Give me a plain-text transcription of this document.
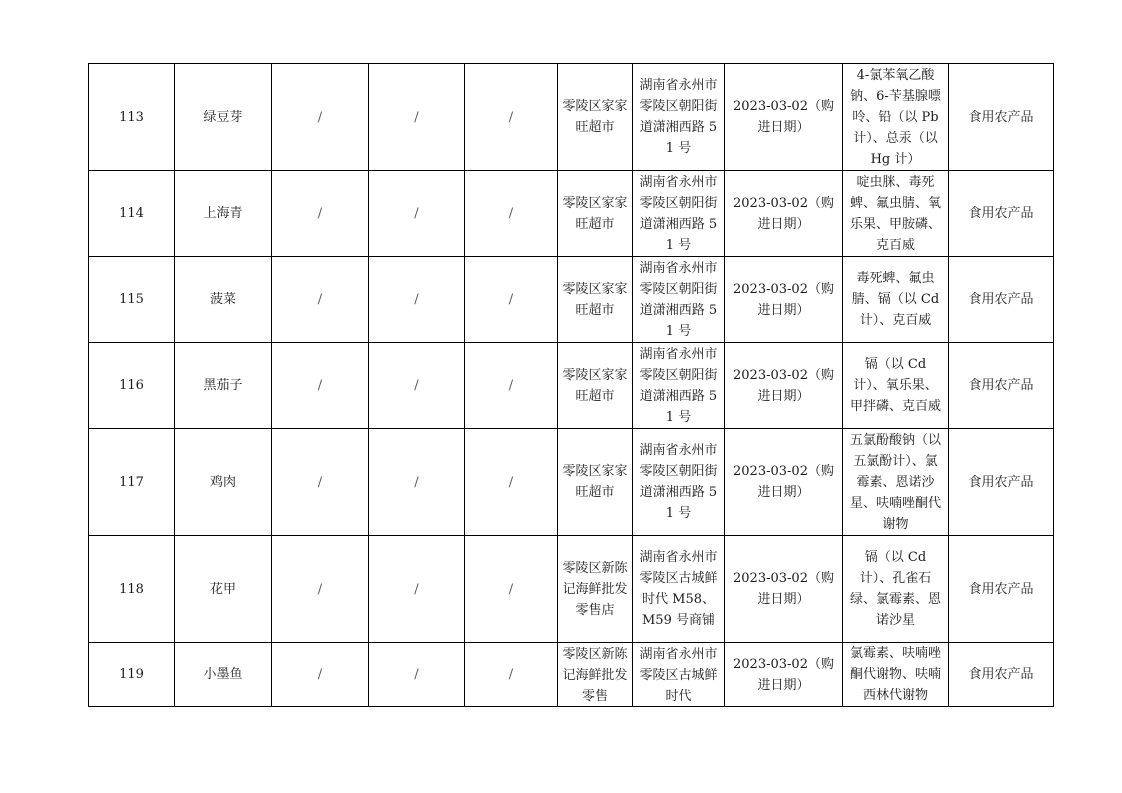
113	绿豆芽	/	/	/	零陵区家家旺超市	湖南省永州市零陵区朝阳街道潇湘西路 51 号	2023-03-02（购进日期）	4-氯苯氧乙酸钠、6-苄基腺嘌呤、铅（以 Pb 计）、总汞（以 Hg 计）	食用农产品
114	上海青	/	/	/	零陵区家家旺超市	湖南省永州市零陵区朝阳街道潇湘西路 51 号	2023-03-02（购进日期）	啶虫脒、毒死蜱、氟虫腈、氧乐果、甲胺磷、克百威	食用农产品
115	菠菜	/	/	/	零陵区家家旺超市	湖南省永州市零陵区朝阳街道潇湘西路 51 号	2023-03-02（购进日期）	毒死蜱、氟虫腈、镉（以 Cd 计）、克百威	食用农产品
116	黑茄子	/	/	/	零陵区家家旺超市	湖南省永州市零陵区朝阳街道潇湘西路 51 号	2023-03-02（购进日期）	镉（以 Cd 计）、氧乐果、甲拌磷、克百威	食用农产品
117	鸡肉	/	/	/	零陵区家家旺超市	湖南省永州市零陵区朝阳街道潇湘西路 51 号	2023-03-02（购进日期）	五氯酚酸钠（以五氯酚计）、氯霉素、恩诺沙星、呋喃唑酮代谢物	食用农产品
118	花甲	/	/	/	零陵区新陈记海鲜批发零售店	湖南省永州市零陵区古城鲜时代 M58、M59 号商铺	2023-03-02（购进日期）	镉（以 Cd 计）、孔雀石绿、氯霉素、恩诺沙星	食用农产品
119	小墨鱼	/	/	/	零陵区新陈记海鲜批发零售	湖南省永州市零陵区古城鲜时代	2023-03-02（购进日期）	氯霉素、呋喃唑酮代谢物、呋喃西林代谢物	食用农产品
